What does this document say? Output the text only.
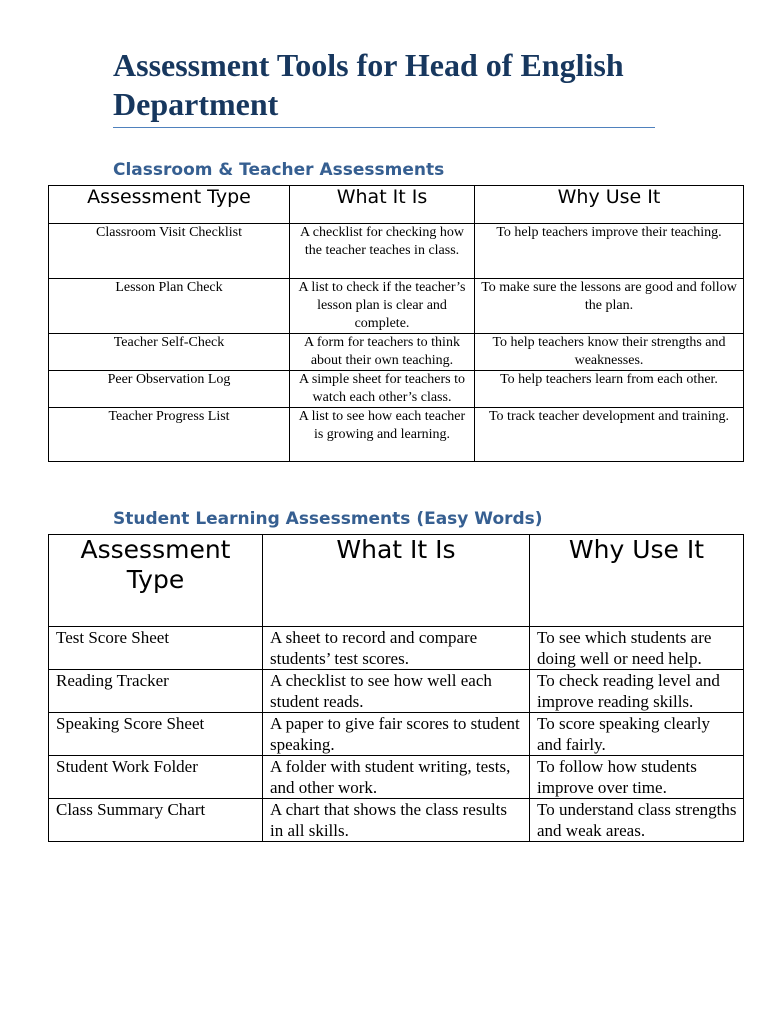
Assessment Tools for Head of English Department
Classroom & Teacher Assessments
Assessment Type	What It Is	Why Use It
Classroom Visit Checklist	A checklist for checking how the teacher teaches in class.	To help teachers improve their teaching.
Lesson Plan Check	A list to check if the teacher’s lesson plan is clear and complete.	To make sure the lessons are good and follow the plan.
Teacher Self-Check	A form for teachers to think about their own teaching.	To help teachers know their strengths and weaknesses.
Peer Observation Log	A simple sheet for teachers to watch each other’s class.	To help teachers learn from each other.
Teacher Progress List	A list to see how each teacher is growing and learning.	To track teacher development and training.
Student Learning Assessments (Easy Words)
Assessment Type	What It Is	Why Use It
Test Score Sheet	A sheet to record and compare students’ test scores.	To see which students are doing well or need help.
Reading Tracker	A checklist to see how well each student reads.	To check reading level and improve reading skills.
Speaking Score Sheet	A paper to give fair scores to student speaking.	To score speaking clearly and fairly.
Student Work Folder	A folder with student writing, tests, and other work.	To follow how students improve over time.
Class Summary Chart	A chart that shows the class results in all skills.	To understand class strengths and weak areas.
